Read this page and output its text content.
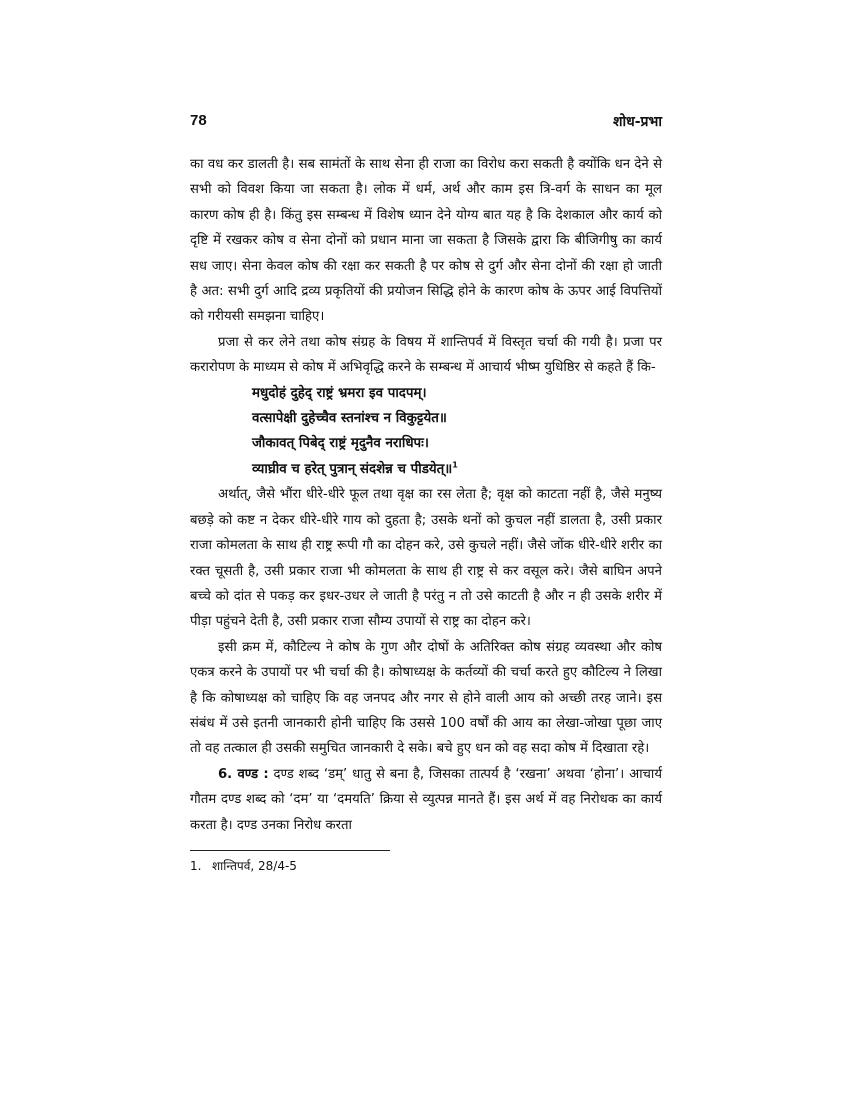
78	शोध-प्रभा

का वध कर डालती है। सब सामंतों के साथ सेना ही राजा का विरोध करा सकती है क्योंकि धन देने से सभी को विवश किया जा सकता है। लोक में धर्म, अर्थ और काम इस त्रि-वर्ग के साधन का मूल कारण कोष ही है। किंतु इस सम्बन्ध में विशेष ध्यान देने योग्य बात यह है कि देशकाल और कार्य को दृष्टि में रखकर कोष व सेना दोनों को प्रधान माना जा सकता है जिसके द्वारा कि बीजिगीषु का कार्य सध जाए। सेना केवल कोष की रक्षा कर सकती है पर कोष से दुर्ग और सेना दोनों की रक्षा हो जाती है अत: सभी दुर्ग आदि द्रव्य प्रकृतियों की प्रयोजन सिद्धि होने के कारण कोष के ऊपर आई विपत्तियों को गरीयसी समझना चाहिए।

प्रजा से कर लेने तथा कोष संग्रह के विषय में शान्तिपर्व में विस्तृत चर्चा की गयी है। प्रजा पर करारोपण के माध्यम से कोष में अभिवृद्धि करने के सम्बन्ध में आचार्य भीष्म युधिष्ठिर से कहते हैं कि-

मधुदोहं दुहेद् राष्ट्रं भ्रमरा इव पादपम्।
वत्सापेक्षी दुहेच्चैव स्तनांश्च न विकुट्टयेत॥
जौकावत् पिबेद् राष्ट्रं मृदुनैव नराधिपः।
व्याघ्रीव च हरेत् पुत्रान् संदशेन्न च पीडयेत्॥$^1$

अर्थात्, जैसे भौंरा धीरे-धीरे फूल तथा वृक्ष का रस लेता है; वृक्ष को काटता नहीं है, जैसे मनुष्य बछड़े को कष्ट न देकर धीरे-धीरे गाय को दुहता है; उसके थनों को कुचल नहीं डालता है, उसी प्रकार राजा कोमलता के साथ ही राष्ट्र रूपी गौ का दोहन करे, उसे कुचले नहीं। जैसे जोंक धीरे-धीरे शरीर का रक्त चूसती है, उसी प्रकार राजा भी कोमलता के साथ ही राष्ट्र से कर वसूल करे। जैसे बाघिन अपने बच्चे को दांत से पकड़ कर इधर-उधर ले जाती है परंतु न तो उसे काटती है और न ही उसके शरीर में पीड़ा पहुंचने देती है, उसी प्रकार राजा सौम्य उपायों से राष्ट्र का दोहन करे।

इसी क्रम में, कौटिल्य ने कोष के गुण और दोषों के अतिरिक्त कोष संग्रह व्यवस्था और कोष एकत्र करने के उपायों पर भी चर्चा की है। कोषाध्यक्ष के कर्तव्यों की चर्चा करते हुए कौटिल्य ने लिखा है कि कोषाध्यक्ष को चाहिए कि वह जनपद और नगर से होने वाली आय को अच्छी तरह जाने। इस संबंध में उसे इतनी जानकारी होनी चाहिए कि उससे 100 वर्षों की आय का लेखा-जोखा पूछा जाए तो वह तत्काल ही उसकी समुचित जानकारी दे सके। बचे हुए धन को वह सदा कोष में दिखाता रहे।

6. वण्ड : दण्ड शब्द ‘डम्’ धातु से बना है, जिसका तात्पर्य है ‘रखना’ अथवा ‘होना’। आचार्य गौतम दण्ड शब्द को ‘दम’ या ‘दमयति’ क्रिया से व्युत्पन्न मानते हैं। इस अर्थ में वह निरोधक का कार्य करता है। दण्ड उनका निरोध करता

1. शान्तिपर्व, 28/4-5
